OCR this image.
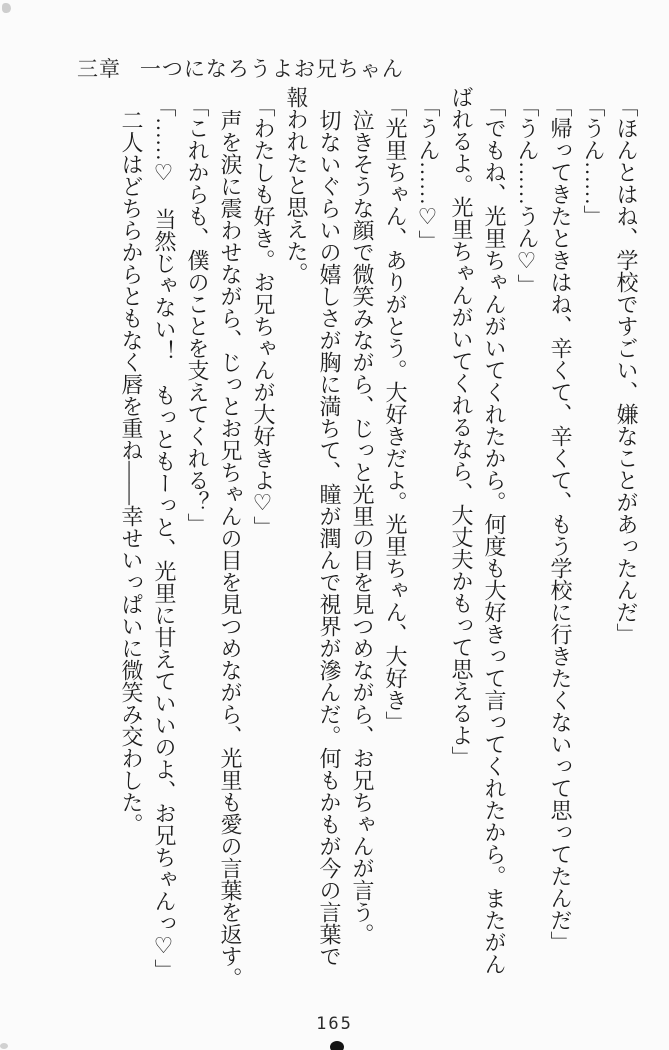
三章 一つになろうよお兄ちゃん

「ほんとはね、学校ですごい、嫌なことがあったんだ」
「うん……」
「帰ってきたときはね、辛くて、辛くて、もう学校に行きたくないって思ってたんだ」
「うん……うん♡」
「でもね、光里ちゃんがいてくれたから。何度も大好きって言ってくれたから。またがん
ばれるよ。光里ちゃんがいてくれるなら、大丈夫かもって思えるよ」
「うん……♡」
「光里ちゃん、ありがとう。大好きだよ。光里ちゃん、大好き」
泣きそうな顔で微笑みながら、じっと光里の目を見つめながら、お兄ちゃんが言う。
切ないぐらいの嬉しさが胸に満ちて、瞳が潤んで視界が滲んだ。何もかもが今の言葉で
報われたと思えた。
「わたしも好き。お兄ちゃんが大好きよ♡」
声を涙に震わせながら、じっとお兄ちゃんの目を見つめながら、光里も愛の言葉を返す。
「これからも、僕のことを支えてくれる？」
「……♡　当然じゃない！　もっともーっと、光里に甘えていいのよ、お兄ちゃんっ♡」
二人はどちらからともなく唇を重ね——幸せいっぱいに微笑み交わした。
165
